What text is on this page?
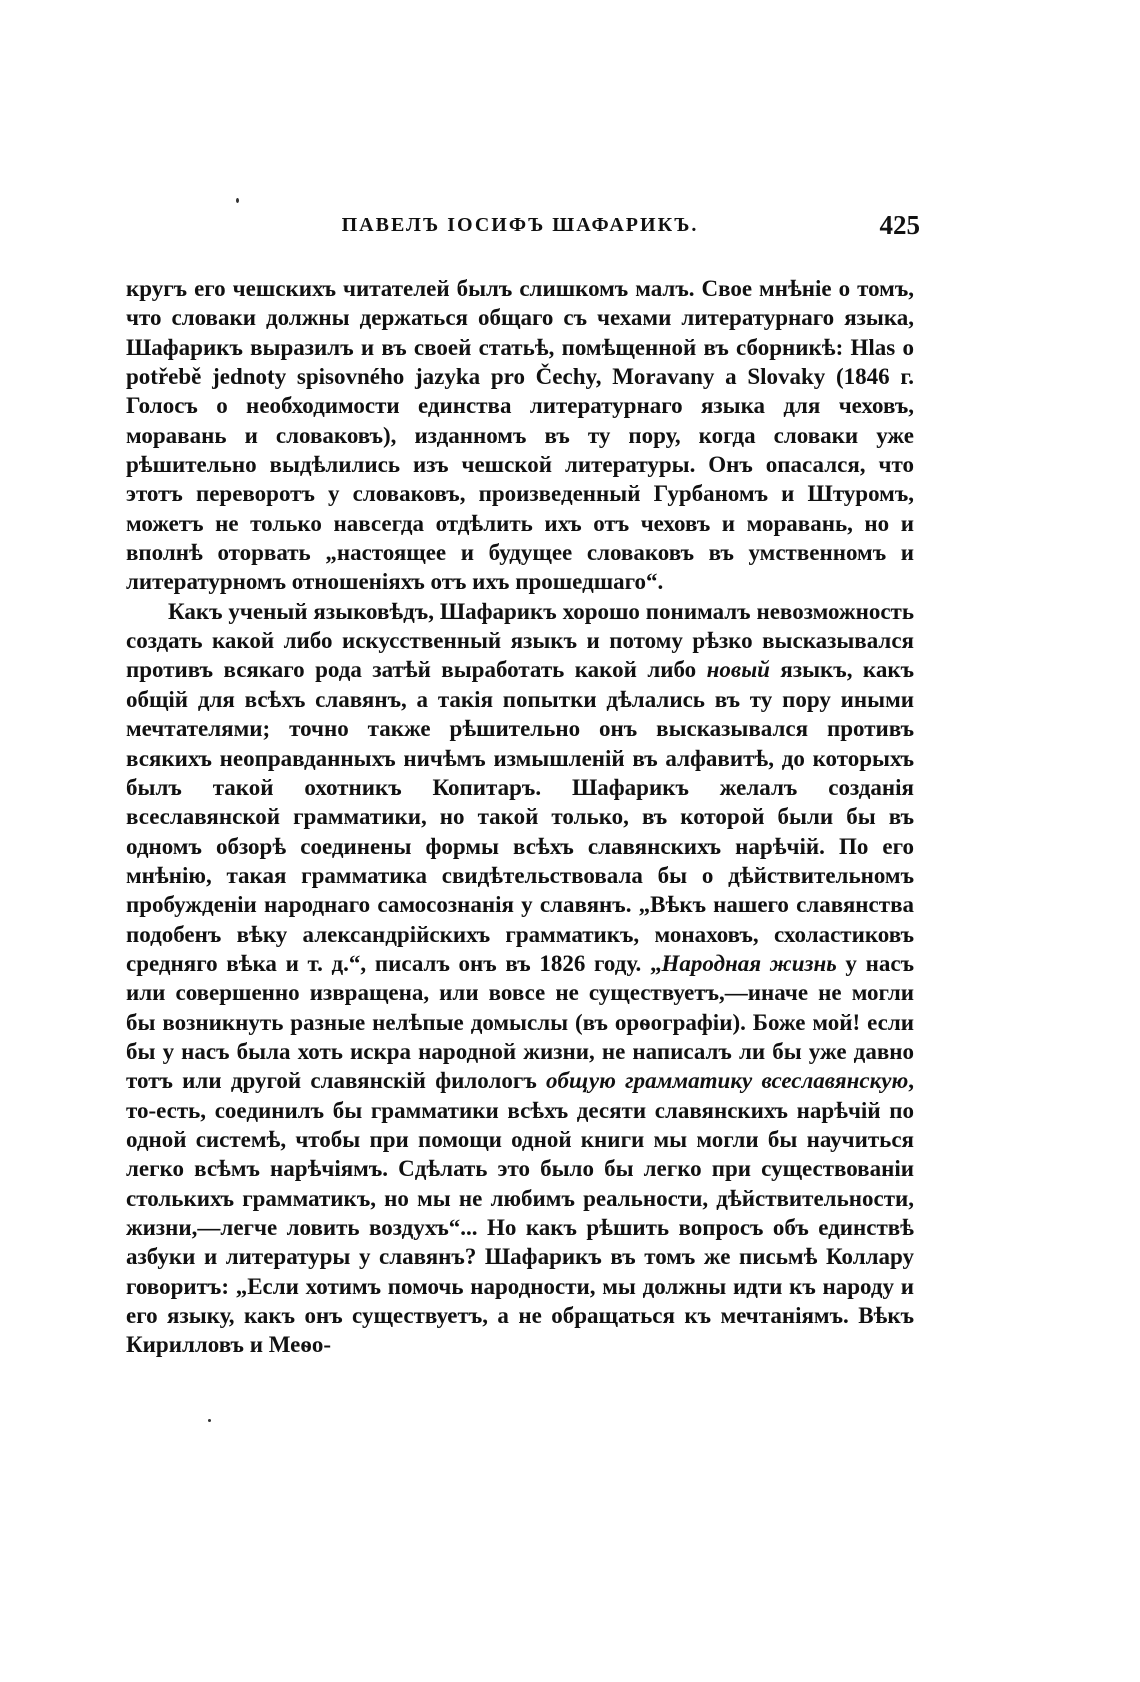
ПАВЕЛЪ ІОСИФЪ ШАФАРИКЪ.	425

кругъ его чешскихъ читателей былъ слишкомъ малъ. Свое мнѣніе о томъ, что словаки должны держаться общаго съ чехами литературнаго языка, Шафарикъ выразилъ и въ своей статьѣ, помѣщенной въ сборникѣ: Hlas o potřebě jednoty spisovného jazyka pro Čechy, Moravany a Slovaky (1846 г. Голосъ о необходимости единства литературнаго языка для чеховъ, моравань и словаковъ), изданномъ въ ту пору, когда словаки уже рѣшительно выдѣлились изъ чешской литературы. Онъ опасался, что этотъ переворотъ у словаковъ, произведенный Гурбаномъ и Штуромъ, можетъ не только навсегда отдѣлить ихъ отъ чеховъ и моравань, но и вполнѣ оторвать „настоящее и будущее словаковъ въ умственномъ и литературномъ отношеніяхъ отъ ихъ прошедшаго“.

Какъ ученый языковѣдъ, Шафарикъ хорошо понималъ невозможность создать какой либо искусственный языкъ и потому рѣзко высказывался противъ всякаго рода затѣй выработать какой либо новый языкъ, какъ общій для всѣхъ славянъ, а такія попытки дѣлались въ ту пору иными мечтателями; точно также рѣшительно онъ высказывался противъ всякихъ неоправданныхъ ничѣмъ измышленій въ алфавитѣ, до которыхъ былъ такой охотникъ Копитаръ. Шафарикъ желалъ созданія всеславянской грамматики, но такой только, въ которой были бы въ одномъ обзорѣ соединены формы всѣхъ славянскихъ нарѣчій. По его мнѣнію, такая грамматика свидѣтельствовала бы о дѣйствительномъ пробужденіи народнаго самосознанія у славянъ. „Вѣкъ нашего славянства подобенъ вѣку александрійскихъ грамматикъ, монаховъ, схоластиковъ средняго вѣка и т. д.“, писалъ онъ въ 1826 году. „Народная жизнь у насъ или совершенно извращена, или вовсе не существуетъ,—иначе не могли бы возникнуть разные нелѣпые домыслы (въ орѳографіи). Боже мой! если бы у насъ была хоть искра народной жизни, не написалъ ли бы уже давно тотъ или другой славянскій филологъ общую грамматику всеславянскую, то-есть, соединилъ бы грамматики всѣхъ десяти славянскихъ нарѣчій по одной системѣ, чтобы при помощи одной книги мы могли бы научиться легко всѣмъ нарѣчіямъ. Сдѣлать это было бы легко при существованіи столькихъ грамматикъ, но мы не любимъ реальности, дѣйствительности, жизни,—легче ловить воздухъ“... Но какъ рѣшить вопросъ объ единствѣ азбуки и литературы у славянъ? Шафарикъ въ томъ же письмѣ Коллару говоритъ: „Если хотимъ помочь народности, мы должны идти къ народу и его языку, какъ онъ существуетъ, а не обращаться къ мечтаніямъ. Вѣкъ Кирилловъ и Меѳо-
